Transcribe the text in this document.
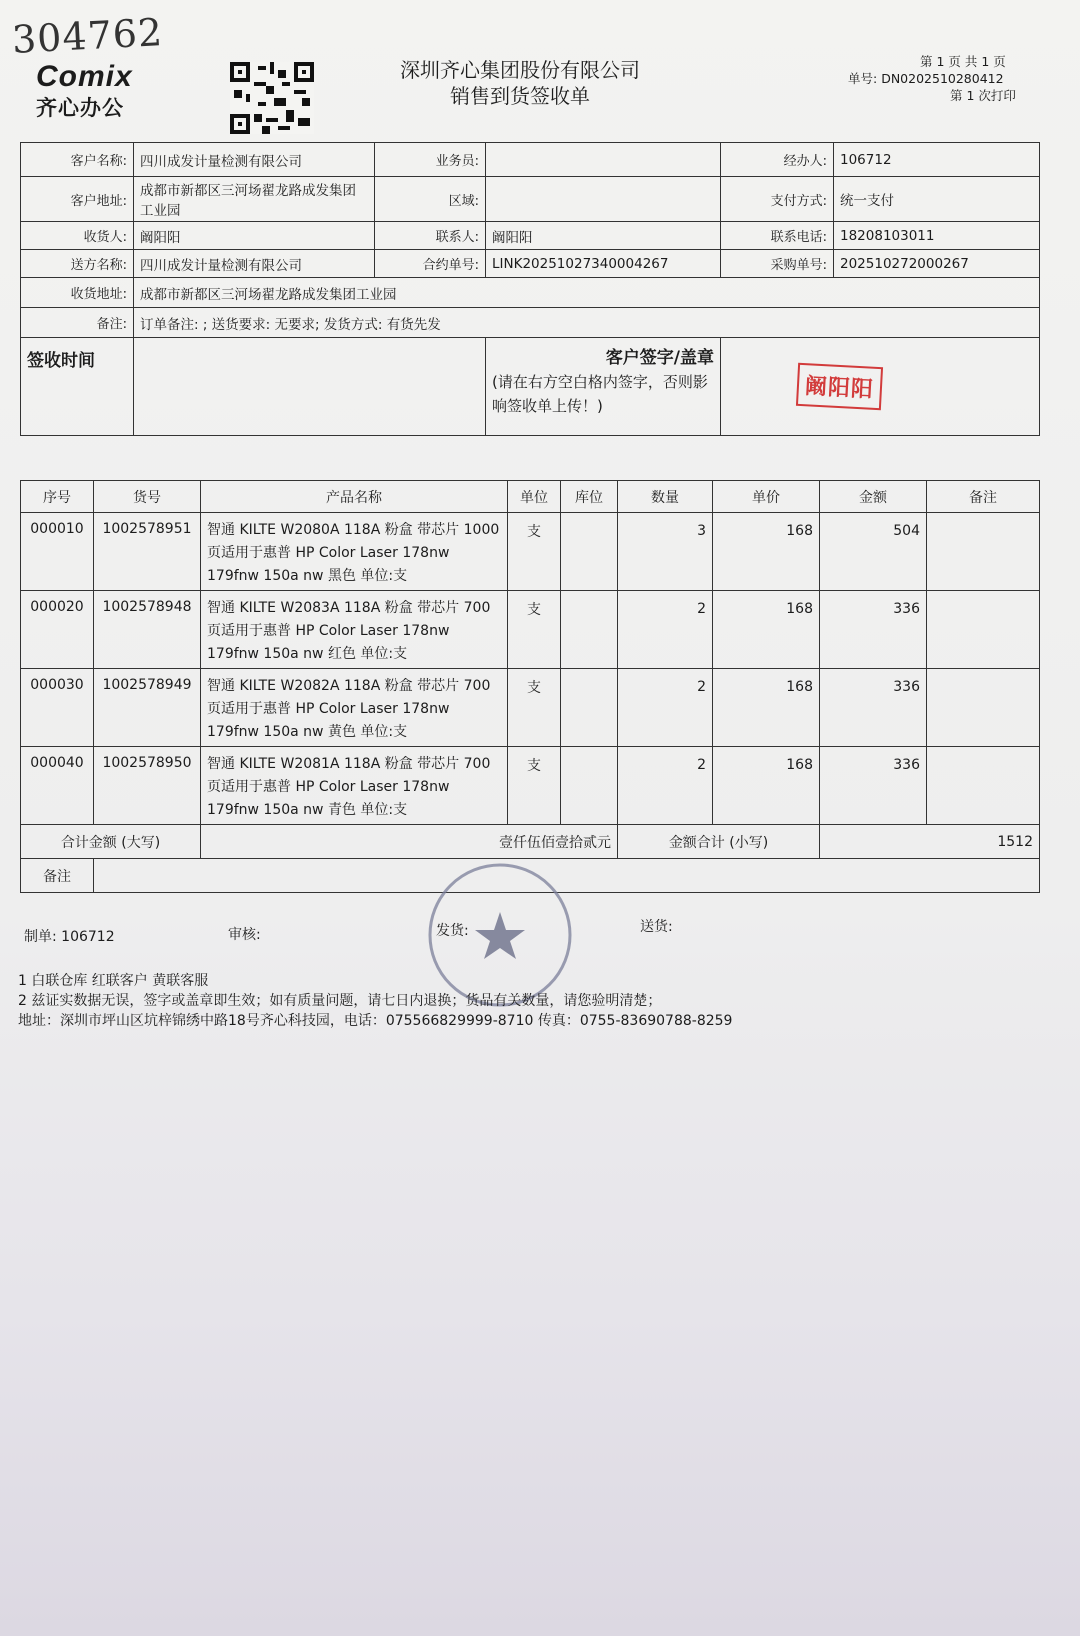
304762
Comix
齐心办公
深圳齐心集团股份有限公司
销售到货签收单
第 1 页 共 1 页
单号: DN0202510280412
第 1 次打印
客户名称:	四川成发计量检测有限公司	业务员:		经办人:	106712
客户地址:	成都市新都区三河场翟龙路成发集团工业园	区域:		支付方式:	统一支付
收货人:	阚阳阳	联系人:	阚阳阳	联系电话:	18208103011
送方名称:	四川成发计量检测有限公司	合约单号:	LINK20251027340004267	采购单号:	202510272000267
收货地址:	成都市新都区三河场翟龙路成发集团工业园				
备注:	订单备注: ; 送货要求: 无要求; 发货方式: 有货先发				
签收时间			客户签字/盖章
(请在右方空白格内签字，否则影响签收单上传！)	阚阳阳	
序号	货号	产品名称	单位	库位	数量	单价	金额	备注
000010	1002578951	智通 KILTE W2080A 118A 粉盒 带芯片 1000页适用于惠普 HP Color Laser 178nw 179fnw 150a nw 黑色 单位:支	支		3	168	504	
000020	1002578948	智通 KILTE W2083A 118A 粉盒 带芯片 700页适用于惠普 HP Color Laser 178nw 179fnw 150a nw 红色 单位:支	支		2	168	336	
000030	1002578949	智通 KILTE W2082A 118A 粉盒 带芯片 700页适用于惠普 HP Color Laser 178nw 179fnw 150a nw 黄色 单位:支	支		2	168	336	
000040	1002578950	智通 KILTE W2081A 118A 粉盒 带芯片 700页适用于惠普 HP Color Laser 178nw 179fnw 150a nw 青色 单位:支	支		2	168	336	
合计金额 (大写)		壹仟伍佰壹拾贰元			金额合计 (小写)		1512	
备注								
制单: 106712	审核:	发货:	送货:
1 白联仓库 红联客户 黄联客服
2 兹证实数据无误，签字或盖章即生效；如有质量问题，请七日内退换；货品有关数量，请您验明清楚；
地址：深圳市坪山区坑梓锦绣中路18号齐心科技园，电话：075566829999-8710 传真：0755-83690788-8259
